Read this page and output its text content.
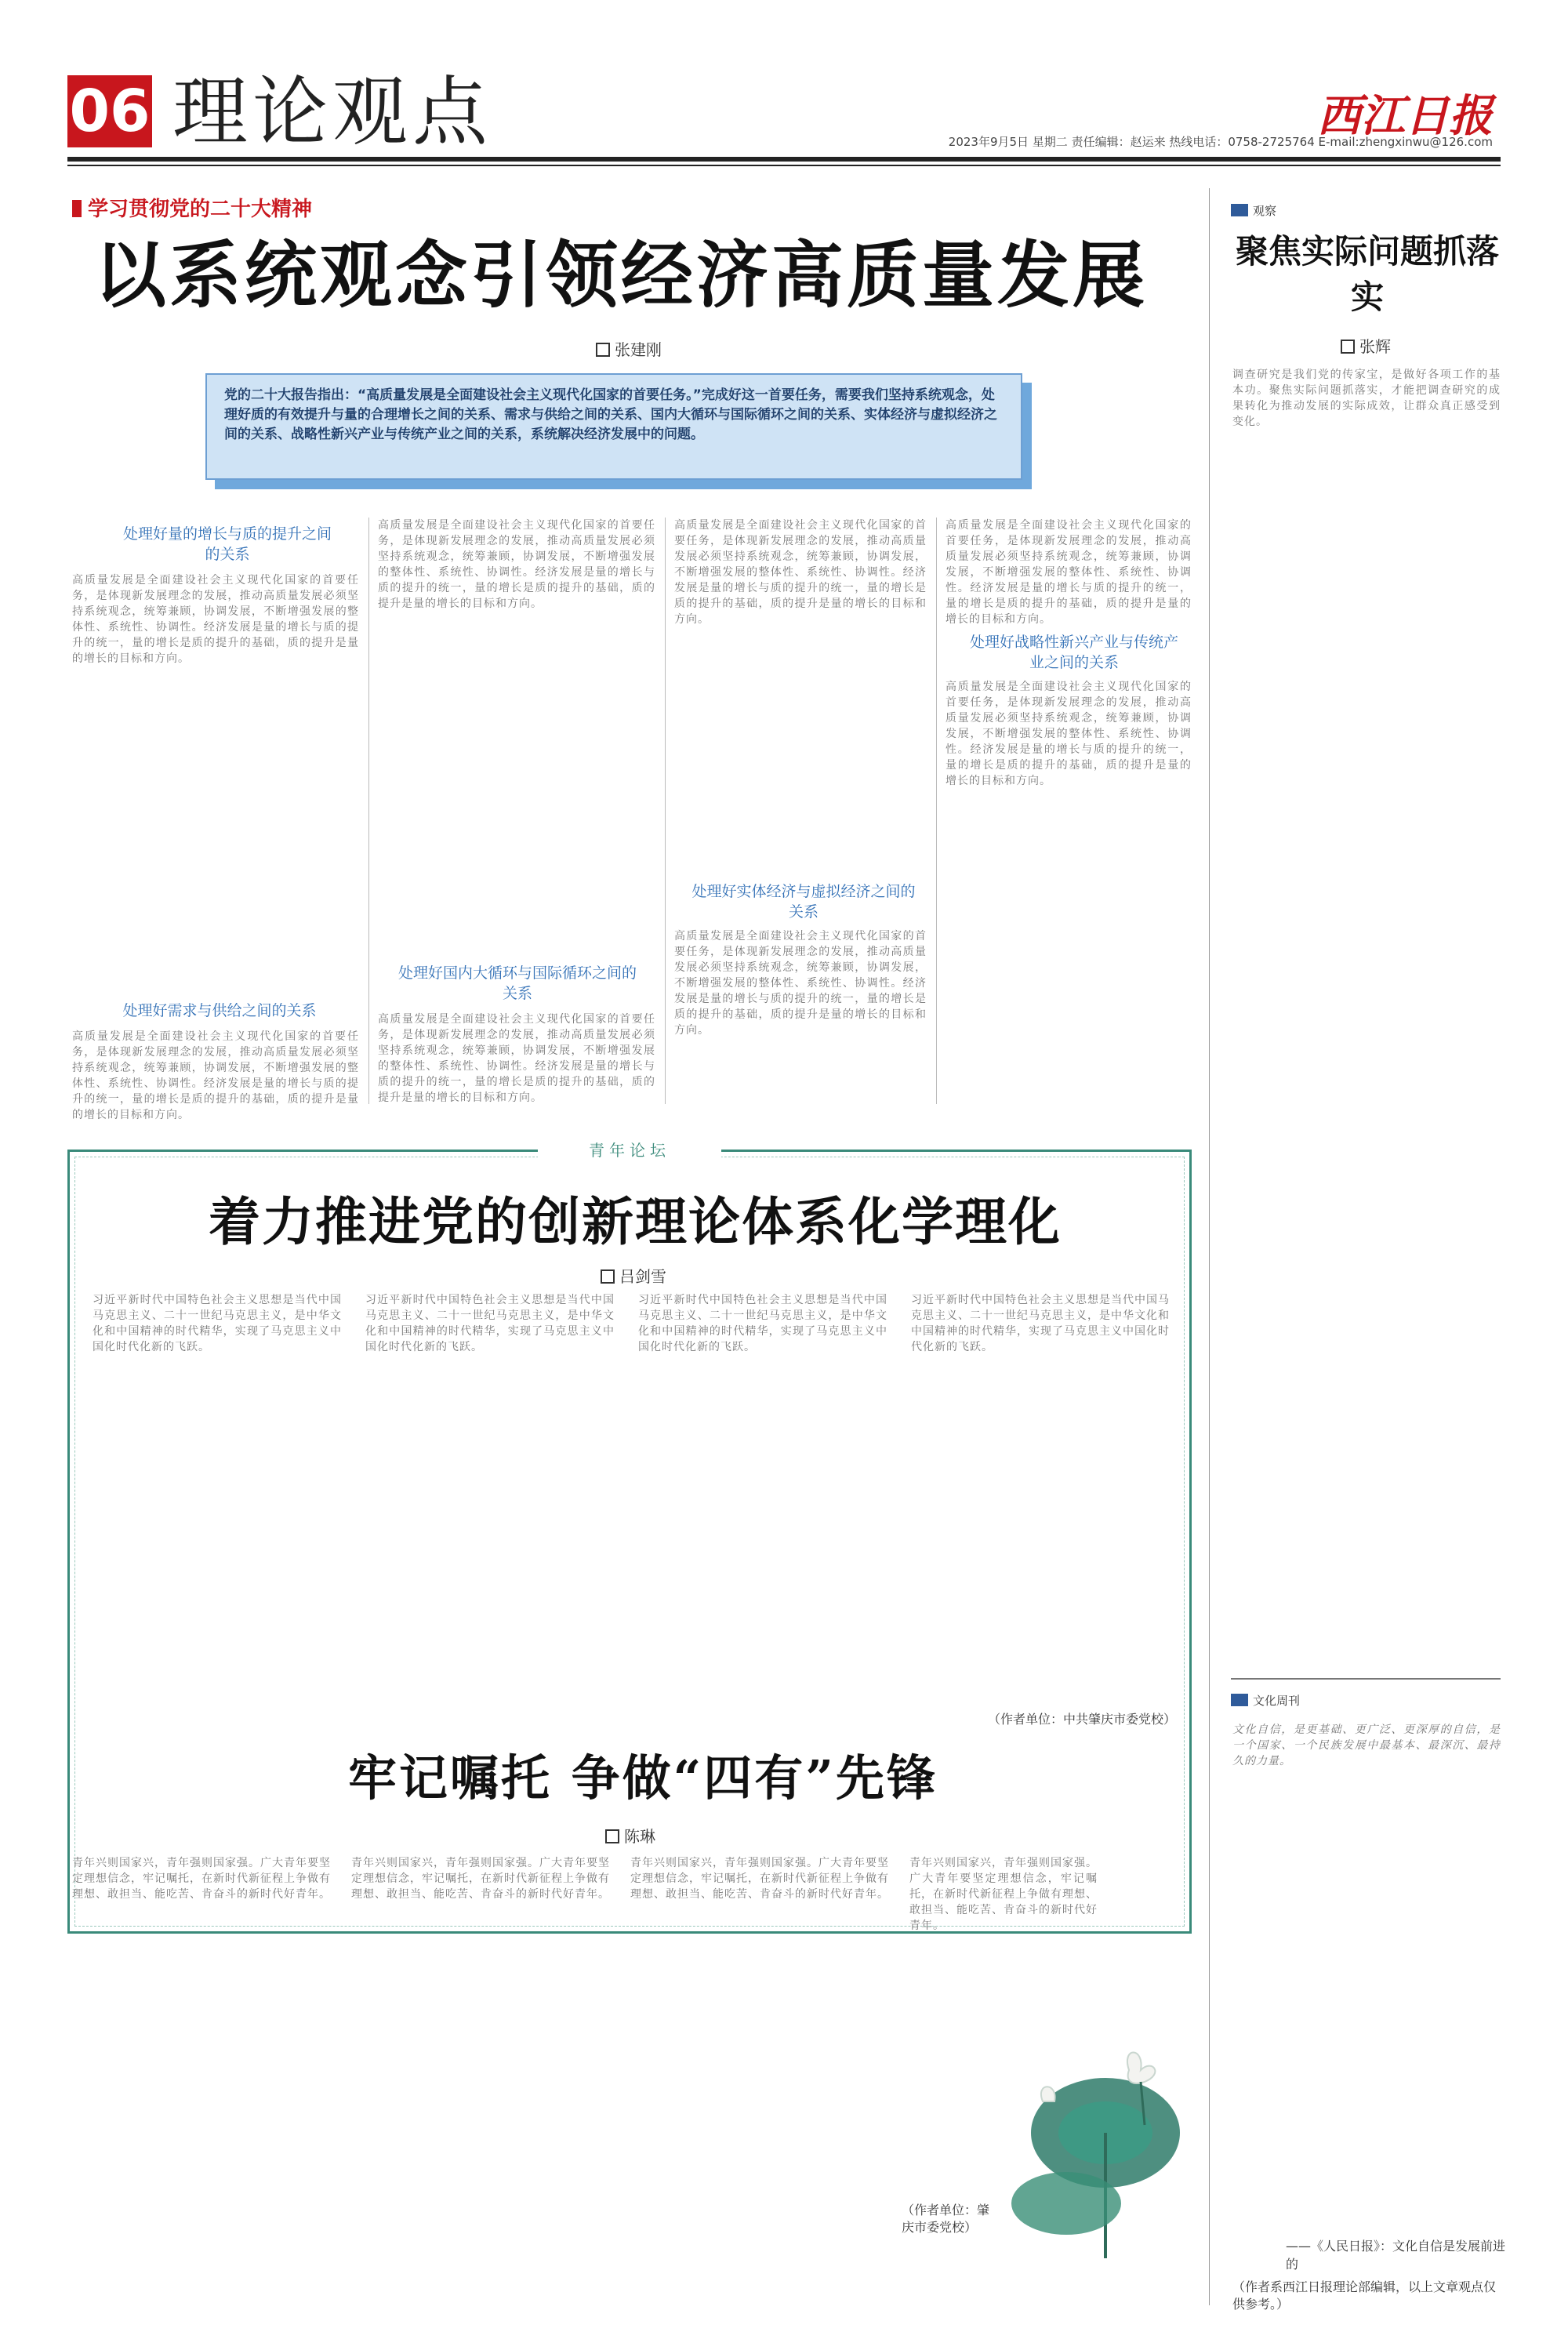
06 理论观点	西江日报
2023年9月5日 星期二 责任编辑：赵运来 热线电话：0758-2725764 E-mail:zhengxinwu@126.com
学习贯彻党的二十大精神
以系统观念引领经济高质量发展
张建刚
党的二十大报告指出：“高质量发展是全面建设社会主义现代化国家的首要任务。”完成好这一首要任务，需要我们坚持系统观念，处理好质的有效提升与量的合理增长之间的关系、需求与供给之间的关系、国内大循环与国际循环之间的关系、实体经济与虚拟经济之间的关系、战略性新兴产业与传统产业之间的关系，系统解决经济发展中的问题。
处理好量的增长与质的提升之间的关系
高质量发展是全面建设社会主义现代化国家的首要任务，是体现新发展理念的发展，推动高质量发展必须坚持系统观念，统筹兼顾，协调发展，不断增强发展的整体性、系统性、协调性。经济发展是量的增长与质的提升的统一，量的增长是质的提升的基础，质的提升是量的增长的目标和方向。
处理好需求与供给之间的关系
高质量发展是全面建设社会主义现代化国家的首要任务，是体现新发展理念的发展，推动高质量发展必须坚持系统观念，统筹兼顾，协调发展，不断增强发展的整体性、系统性、协调性。经济发展是量的增长与质的提升的统一，量的增长是质的提升的基础，质的提升是量的增长的目标和方向。
高质量发展是全面建设社会主义现代化国家的首要任务，是体现新发展理念的发展，推动高质量发展必须坚持系统观念，统筹兼顾，协调发展，不断增强发展的整体性、系统性、协调性。经济发展是量的增长与质的提升的统一，量的增长是质的提升的基础，质的提升是量的增长的目标和方向。
处理好国内大循环与国际循环之间的关系
高质量发展是全面建设社会主义现代化国家的首要任务，是体现新发展理念的发展，推动高质量发展必须坚持系统观念，统筹兼顾，协调发展，不断增强发展的整体性、系统性、协调性。经济发展是量的增长与质的提升的统一，量的增长是质的提升的基础，质的提升是量的增长的目标和方向。
高质量发展是全面建设社会主义现代化国家的首要任务，是体现新发展理念的发展，推动高质量发展必须坚持系统观念，统筹兼顾，协调发展，不断增强发展的整体性、系统性、协调性。经济发展是量的增长与质的提升的统一，量的增长是质的提升的基础，质的提升是量的增长的目标和方向。
处理好实体经济与虚拟经济之间的关系
高质量发展是全面建设社会主义现代化国家的首要任务，是体现新发展理念的发展，推动高质量发展必须坚持系统观念，统筹兼顾，协调发展，不断增强发展的整体性、系统性、协调性。经济发展是量的增长与质的提升的统一，量的增长是质的提升的基础，质的提升是量的增长的目标和方向。
高质量发展是全面建设社会主义现代化国家的首要任务，是体现新发展理念的发展，推动高质量发展必须坚持系统观念，统筹兼顾，协调发展，不断增强发展的整体性、系统性、协调性。经济发展是量的增长与质的提升的统一，量的增长是质的提升的基础，质的提升是量的增长的目标和方向。
处理好战略性新兴产业与传统产业之间的关系
高质量发展是全面建设社会主义现代化国家的首要任务，是体现新发展理念的发展，推动高质量发展必须坚持系统观念，统筹兼顾，协调发展，不断增强发展的整体性、系统性、协调性。经济发展是量的增长与质的提升的统一，量的增长是质的提升的基础，质的提升是量的增长的目标和方向。
观察
聚焦实际问题抓落实
张辉
调查研究是我们党的传家宝，是做好各项工作的基本功。聚焦实际问题抓落实，才能把调查研究的成果转化为推动发展的实际成效，让群众真正感受到变化。
文化周刊
文化自信，是更基础、更广泛、更深厚的自信，是一个国家、一个民族发展中最基本、最深沉、最持久的力量。
——《人民日报》：文化自信是发展前进的
（作者系西江日报理论部编辑，以上文章观点仅供参考。）
青年论坛
着力推进党的创新理论体系化学理化
吕剑雪
习近平新时代中国特色社会主义思想是当代中国马克思主义、二十一世纪马克思主义，是中华文化和中国精神的时代精华，实现了马克思主义中国化时代化新的飞跃。
习近平新时代中国特色社会主义思想是当代中国马克思主义、二十一世纪马克思主义，是中华文化和中国精神的时代精华，实现了马克思主义中国化时代化新的飞跃。
习近平新时代中国特色社会主义思想是当代中国马克思主义、二十一世纪马克思主义，是中华文化和中国精神的时代精华，实现了马克思主义中国化时代化新的飞跃。
习近平新时代中国特色社会主义思想是当代中国马克思主义、二十一世纪马克思主义，是中华文化和中国精神的时代精华，实现了马克思主义中国化时代化新的飞跃。
（作者单位：中共肇庆市委党校）
牢记嘱托 争做“四有”先锋
陈琳
青年兴则国家兴，青年强则国家强。广大青年要坚定理想信念，牢记嘱托，在新时代新征程上争做有理想、敢担当、能吃苦、肯奋斗的新时代好青年。
青年兴则国家兴，青年强则国家强。广大青年要坚定理想信念，牢记嘱托，在新时代新征程上争做有理想、敢担当、能吃苦、肯奋斗的新时代好青年。
青年兴则国家兴，青年强则国家强。广大青年要坚定理想信念，牢记嘱托，在新时代新征程上争做有理想、敢担当、能吃苦、肯奋斗的新时代好青年。
青年兴则国家兴，青年强则国家强。广大青年要坚定理想信念，牢记嘱托，在新时代新征程上争做有理想、敢担当、能吃苦、肯奋斗的新时代好青年。
（作者单位：肇庆市委党校）
